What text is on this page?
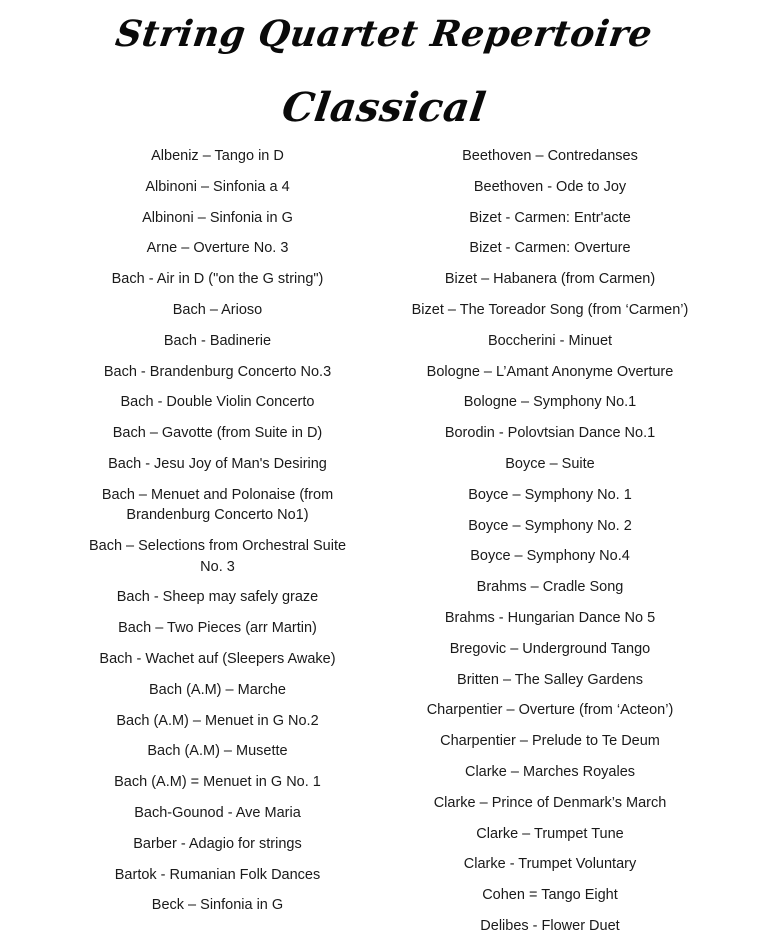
String Quartet Repertoire
Classical
Albeniz – Tango in D
Albinoni – Sinfonia a 4
Albinoni – Sinfonia in G
Arne – Overture No. 3
Bach - Air in D ("on the G string")
Bach – Arioso
Bach - Badinerie
Bach - Brandenburg Concerto No.3
Bach - Double Violin Concerto
Bach – Gavotte (from Suite in D)
Bach - Jesu Joy of Man's Desiring
Bach – Menuet and Polonaise (from Brandenburg Concerto No1)
Bach – Selections from Orchestral Suite No. 3
Bach - Sheep may safely graze
Bach – Two Pieces (arr Martin)
Bach - Wachet auf (Sleepers Awake)
Bach (A.M) – Marche
Bach (A.M) – Menuet in G No.2
Bach (A.M) – Musette
Bach (A.M) = Menuet in G No. 1
Bach-Gounod - Ave Maria
Barber - Adagio for strings
Bartok - Rumanian Folk Dances
Beck – Sinfonia in G
Beethoven – Contredanses
Beethoven - Ode to Joy
Bizet - Carmen: Entr'acte
Bizet - Carmen: Overture
Bizet – Habanera (from Carmen)
Bizet – The Toreador Song (from ‘Carmen’)
Boccherini - Minuet
Bologne – L’Amant Anonyme Overture
Bologne – Symphony No.1
Borodin - Polovtsian Dance No.1
Boyce – Suite
Boyce – Symphony No. 1
Boyce – Symphony No. 2
Boyce – Symphony No.4
Brahms – Cradle Song
Brahms - Hungarian Dance No 5
Bregovic – Underground Tango
Britten – The Salley Gardens
Charpentier – Overture (from ‘Acteon’)
Charpentier – Prelude to Te Deum
Clarke – Marches Royales
Clarke – Prince of Denmark’s March
Clarke – Trumpet Tune
Clarke - Trumpet Voluntary
Cohen = Tango Eight
Delibes - Flower Duet
